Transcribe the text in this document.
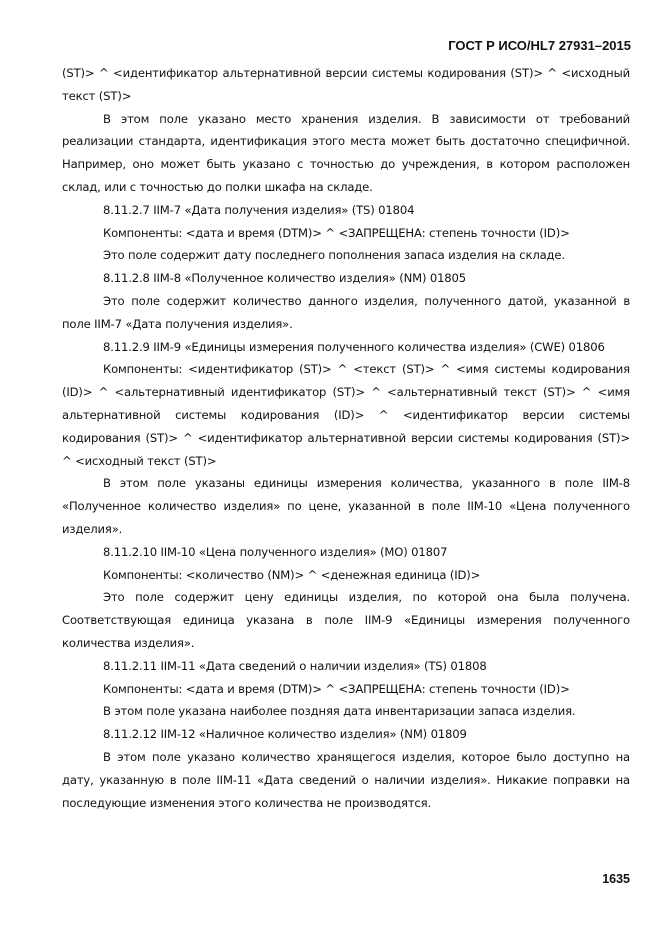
ГОСТ Р ИСО/HL7 27931–2015

(ST)> ^ <идентификатор альтернативной версии системы кодирования (ST)> ^ <исходный текст (ST)>

В этом поле указано место хранения изделия. В зависимости от требований реализации стандарта, идентификация этого места может быть достаточно специфичной. Например, оно может быть указано с точностью до учреждения, в котором расположен склад, или с точностью до полки шкафа на складе.

8.11.2.7 IIM-7 «Дата получения изделия» (TS) 01804

Компоненты: <дата и время (DTM)> ^ <ЗАПРЕЩЕНА: степень точности (ID)>

Это поле содержит дату последнего пополнения запаса изделия на складе.

8.11.2.8 IIM-8 «Полученное количество изделия» (NM) 01805

Это поле содержит количество данного изделия, полученного датой, указанной в поле IIM-7 «Дата получения изделия».

8.11.2.9 IIM-9 «Единицы измерения полученного количества изделия» (CWE) 01806

Компоненты: <идентификатор (ST)> ^ <текст (ST)> ^ <имя системы кодирования (ID)> ^ <альтернативный идентификатор (ST)> ^ <альтернативный текст (ST)> ^ <имя альтернативной системы кодирования (ID)> ^ <идентификатор версии системы кодирования (ST)> ^ <идентификатор альтернативной версии системы кодирования (ST)> ^ <исходный текст (ST)>

В этом поле указаны единицы измерения количества, указанного в поле IIM-8 «Полученное количество изделия» по цене, указанной в поле IIM-10 «Цена полученного изделия».

8.11.2.10 IIM-10 «Цена полученного изделия» (MO) 01807

Компоненты: <количество (NM)> ^ <денежная единица (ID)>

Это поле содержит цену единицы изделия, по которой она была получена. Соответствующая единица указана в поле IIM-9 «Единицы измерения полученного количества изделия».

8.11.2.11 IIM-11 «Дата сведений о наличии изделия» (TS) 01808

Компоненты: <дата и время (DTM)> ^ <ЗАПРЕЩЕНА: степень точности (ID)>

В этом поле указана наиболее поздняя дата инвентаризации запаса изделия.

8.11.2.12 IIM-12 «Наличное количество изделия» (NM) 01809

В этом поле указано количество хранящегося изделия, которое было доступно на дату, указанную в поле IIM-11 «Дата сведений о наличии изделия». Никакие поправки на последующие изменения этого количества не производятся.

1635
